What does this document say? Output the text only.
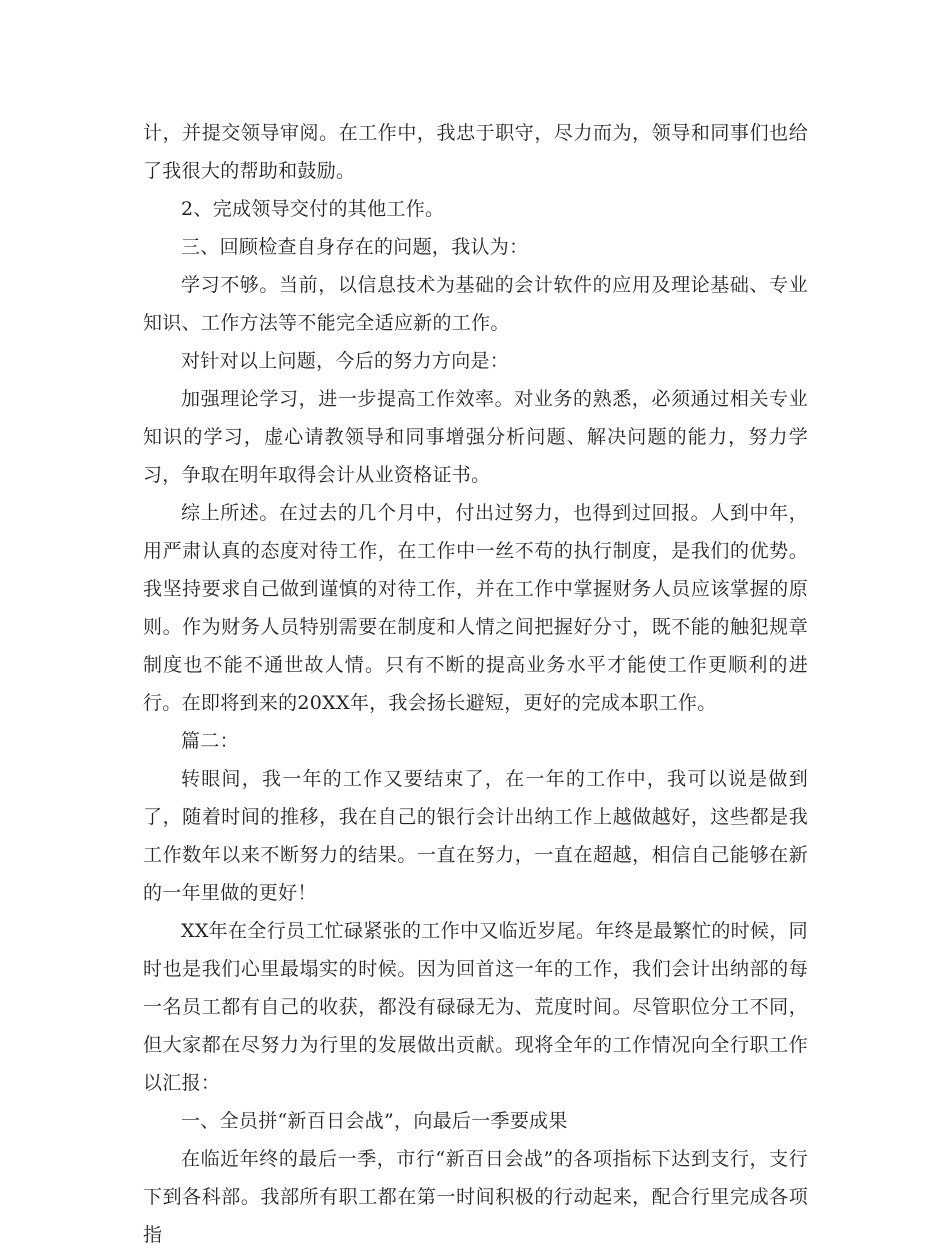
计，并提交领导审阅。在工作中，我忠于职守，尽力而为，领导和同事们也给了我很大的帮助和鼓励。

2、完成领导交付的其他工作。

三、回顾检查自身存在的问题，我认为：

学习不够。当前，以信息技术为基础的会计软件的应用及理论基础、专业知识、工作方法等不能完全适应新的工作。

对针对以上问题，今后的努力方向是：

加强理论学习，进一步提高工作效率。对业务的熟悉，必须通过相关专业知识的学习，虚心请教领导和同事增强分析问题、解决问题的能力，努力学习，争取在明年取得会计从业资格证书。

综上所述。在过去的几个月中，付出过努力，也得到过回报。人到中年，用严肃认真的态度对待工作，在工作中一丝不苟的执行制度，是我们的优势。我坚持要求自己做到谨慎的对待工作，并在工作中掌握财务人员应该掌握的原则。作为财务人员特别需要在制度和人情之间把握好分寸，既不能的触犯规章制度也不能不通世故人情。只有不断的提高业务水平才能使工作更顺利的进行。在即将到来的20XX年，我会扬长避短，更好的完成本职工作。

篇二：

转眼间，我一年的工作又要结束了，在一年的工作中，我可以说是做到了，随着时间的推移，我在自己的银行会计出纳工作上越做越好，这些都是我工作数年以来不断努力的结果。一直在努力，一直在超越，相信自己能够在新的一年里做的更好！

XX年在全行员工忙碌紧张的工作中又临近岁尾。年终是最繁忙的时候，同时也是我们心里最塌实的时候。因为回首这一年的工作，我们会计出纳部的每一名员工都有自己的收获，都没有碌碌无为、荒度时间。尽管职位分工不同，但大家都在尽努力为行里的发展做出贡献。现将全年的工作情况向全行职工作以汇报：

一、全员拼“新百日会战”，向最后一季要成果

在临近年终的最后一季，市行“新百日会战”的各项指标下达到支行，支行下到各科部。我部所有职工都在第一时间积极的行动起来，配合行里完成各项指
